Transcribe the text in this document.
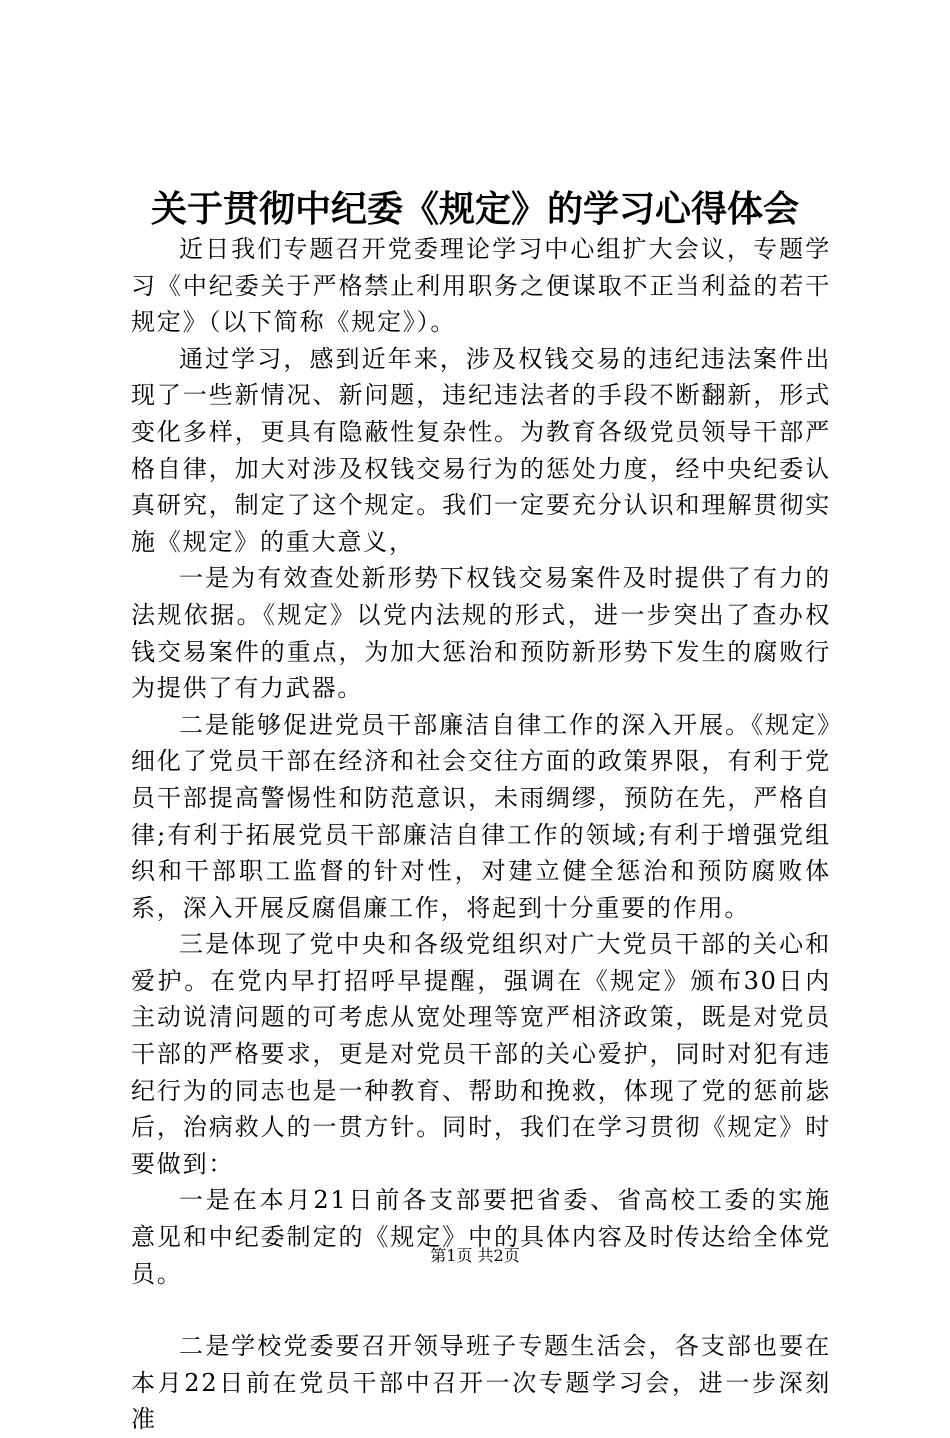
关于贯彻中纪委《规定》的学习心得体会

近日我们专题召开党委理论学习中心组扩大会议，专题学习《中纪委关于严格禁止利用职务之便谋取不正当利益的若干规定》（以下简称《规定》）。

通过学习，感到近年来，涉及权钱交易的违纪违法案件出现了一些新情况、新问题，违纪违法者的手段不断翻新，形式变化多样，更具有隐蔽性复杂性。为教育各级党员领导干部严格自律，加大对涉及权钱交易行为的惩处力度，经中央纪委认真研究，制定了这个规定。我们一定要充分认识和理解贯彻实施《规定》的重大意义，

一是为有效查处新形势下权钱交易案件及时提供了有力的法规依据。《规定》以党内法规的形式，进一步突出了查办权钱交易案件的重点，为加大惩治和预防新形势下发生的腐败行为提供了有力武器。

二是能够促进党员干部廉洁自律工作的深入开展。《规定》细化了党员干部在经济和社会交往方面的政策界限，有利于党员干部提高警惕性和防范意识，未雨绸缪，预防在先，严格自律;有利于拓展党员干部廉洁自律工作的领域;有利于增强党组织和干部职工监督的针对性，对建立健全惩治和预防腐败体系，深入开展反腐倡廉工作，将起到十分重要的作用。

三是体现了党中央和各级党组织对广大党员干部的关心和爱护。在党内早打招呼早提醒，强调在《规定》颁布30日内主动说清问题的可考虑从宽处理等宽严相济政策，既是对党员干部的严格要求，更是对党员干部的关心爱护，同时对犯有违纪行为的同志也是一种教育、帮助和挽救，体现了党的惩前毖后，治病救人的一贯方针。同时，我们在学习贯彻《规定》时要做到：

一是在本月21日前各支部要把省委、省高校工委的实施意见和中纪委制定的《规定》中的具体内容及时传达给全体党员。

二是学校党委要召开领导班子专题生活会，各支部也要在本月22日前在党员干部中召开一次专题学习会，进一步深刻准

第1页 共2页
